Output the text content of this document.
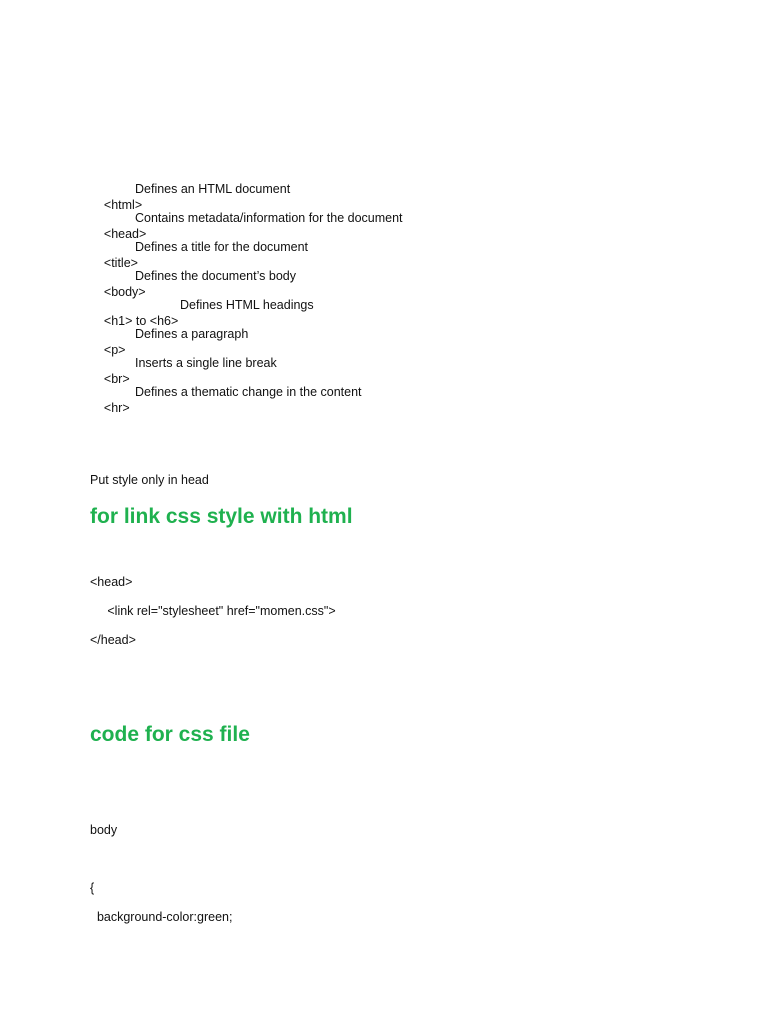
<html>

Defines an HTML document

<head>

Contains metadata/information for the document

<title>

Defines a title for the document

<body>

Defines the document’s body

<h1> to <h6>

Defines HTML headings

<p>

Defines a paragraph

<br>

Inserts a single line break

<hr>

Defines a thematic change in the content

Put style only in head

for link css style with html

<head>

<link rel="stylesheet" href="momen.css">

</head>

code for css file

body

{

background-color:green;
